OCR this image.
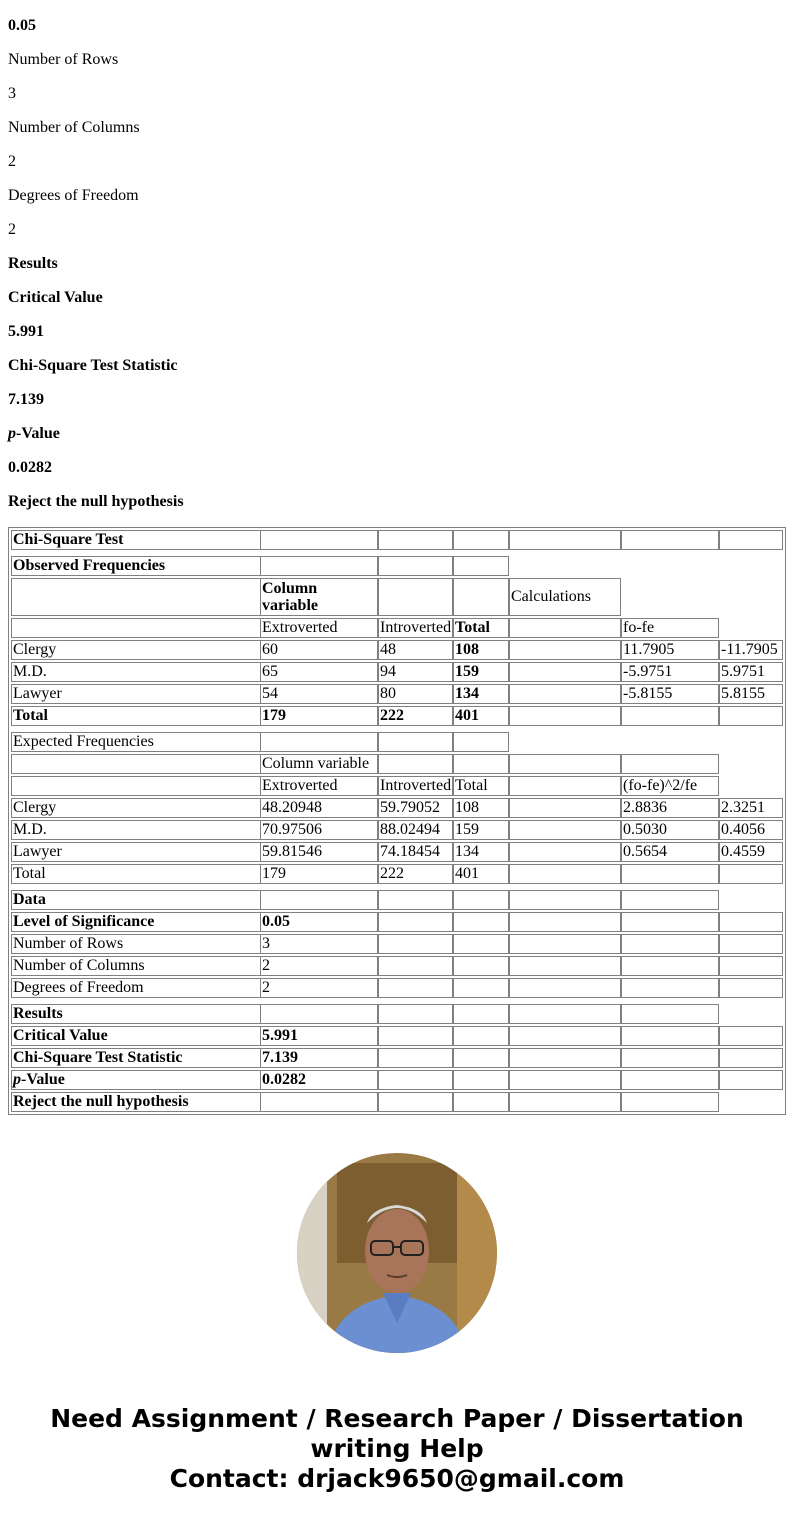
0.05
Number of Rows
3
Number of Columns
2
Degrees of Freedom
2
Results
Critical Value
5.991
Chi-Square Test Statistic
7.139
p-Value
0.0282
Reject the null hypothesis
Chi-Square Test
Observed Frequencies
Column variable
Calculations
Extroverted	Introverted Total	fo-fe
Clergy	60	48	108	11.7905	-11.7905
M.D.	65	94	159	-5.9751	5.9751
Lawyer	54	80	134	-5.8155	5.8155
Total	179	222	401
Expected Frequencies
Column variable
Extroverted	Introverted Total	(fo-fe)^2/fe
Clergy	48.20948	59.79052 108	2.8836	2.3251
M.D.	70.97506	88.02494 159	0.5030	0.4056
Lawyer	59.81546	74.18454 134	0.5654	0.4559
Total	179	222	401
Data
Level of Significance	0.05
Number of Rows	3
Number of Columns	2
Degrees of Freedom	2
Results
Critical Value	5.991
Chi-Square Test Statistic	7.139
p-Value	0.0282
Reject the null hypothesis
Need Assignment / Research Paper / Dissertation
writing Help
Contact: drjack9650@gmail.com
